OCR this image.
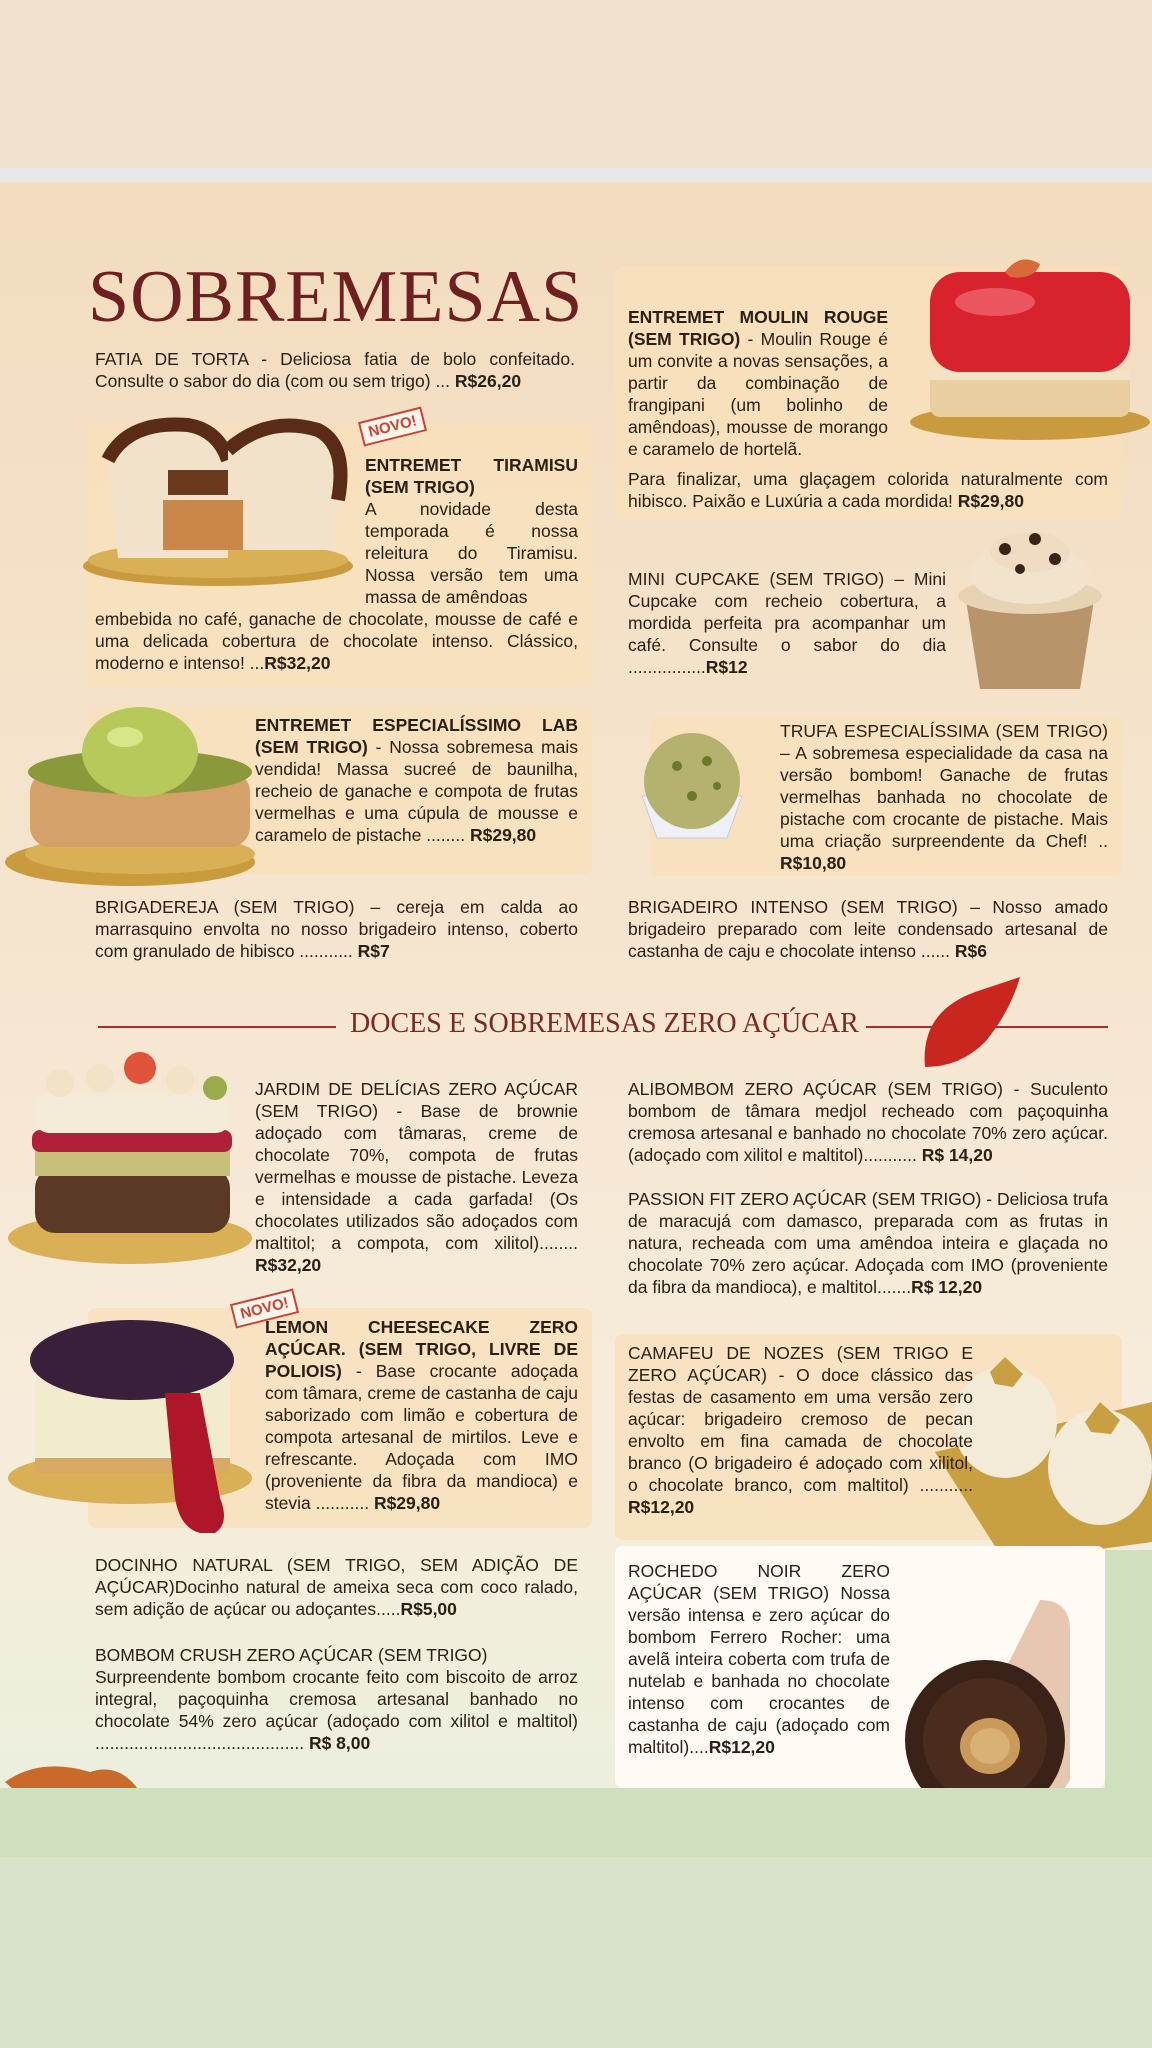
SOBREMESAS
FATIA DE TORTA - Deliciosa fatia de bolo confeitado. Consulte o sabor do dia (com ou sem trigo) ... R$26,20
NOVO!
ENTREMET TIRAMISU (SEM TRIGO)
A novidade desta temporada é nossa releitura do Tiramisu. Nossa versão tem uma massa de amêndoas
embebida no café, ganache de chocolate, mousse de café e uma delicada cobertura de chocolate intenso. Clássico, moderno e intenso! ...R$32,20
ENTREMET ESPECIALÍSSIMO LAB (SEM TRIGO) - Nossa sobremesa mais vendida! Massa sucreé de baunilha, recheio de ganache e compota de frutas vermelhas e uma cúpula de mousse e caramelo de pistache ........ R$29,80
BRIGADEREJA (SEM TRIGO) – cereja em calda ao marrasquino envolta no nosso brigadeiro intenso, coberto com granulado de hibisco ........... R$7
ENTREMET MOULIN ROUGE (SEM TRIGO) - Moulin Rouge é um convite a novas sensações, a partir da combinação de frangipani (um bolinho de amêndoas), mousse de morango e caramelo de hortelã.
Para finalizar, uma glaçagem colorida naturalmente com hibisco. Paixão e Luxúria a cada mordida! R$29,80
MINI CUPCAKE (SEM TRIGO) – Mini Cupcake com recheio cobertura, a mordida perfeita pra acompanhar um café. Consulte o sabor do dia ................R$12
TRUFA ESPECIALÍSSIMA (SEM TRIGO) – A sobremesa especialidade da casa na versão bombom! Ganache de frutas vermelhas banhada no chocolate de pistache com crocante de pistache. Mais uma criação surpreendente da Chef! .. R$10,80
BRIGADEIRO INTENSO (SEM TRIGO) – Nosso amado brigadeiro preparado com leite condensado artesanal de castanha de caju e chocolate intenso ...... R$6
DOCES E SOBREMESAS ZERO AÇÚCAR
JARDIM DE DELÍCIAS ZERO AÇÚCAR (SEM TRIGO) - Base de brownie adoçado com tâmaras, creme de chocolate 70%, compota de frutas vermelhas e mousse de pistache. Leveza e intensidade a cada garfada! (Os chocolates utilizados são adoçados com maltitol; a compota, com xilitol)........ R$32,20
NOVO!
LEMON CHEESECAKE ZERO AÇÚCAR. (SEM TRIGO, LIVRE DE POLIOIS) - Base crocante adoçada com tâmara, creme de castanha de caju saborizado com limão e cobertura de compota artesanal de mirtilos. Leve e refrescante. Adoçada com IMO (proveniente da fibra da mandioca) e stevia ........... R$29,80
DOCINHO NATURAL (SEM TRIGO, SEM ADIÇÃO DE AÇÚCAR)Docinho natural de ameixa seca com coco ralado, sem adição de açúcar ou adoçantes.....R$5,00
BOMBOM CRUSH ZERO AÇÚCAR (SEM TRIGO)
Surpreendente bombom crocante feito com biscoito de arroz integral, paçoquinha cremosa artesanal banhado no chocolate 54% zero açúcar (adoçado com xilitol e maltitol) ........................................... R$ 8,00
ALIBOMBOM ZERO AÇÚCAR (SEM TRIGO) - Suculento bombom de tâmara medjol recheado com paçoquinha cremosa artesanal e banhado no chocolate 70% zero açúcar. (adoçado com xilitol e maltitol)........... R$ 14,20
PASSION FIT ZERO AÇÚCAR (SEM TRIGO) - Deliciosa trufa de maracujá com damasco, preparada com as frutas in natura, recheada com uma amêndoa inteira e glaçada no chocolate 70% zero açúcar. Adoçada com IMO (proveniente da fibra da mandioca), e maltitol.......R$ 12,20
CAMAFEU DE NOZES (SEM TRIGO E ZERO AÇÚCAR) - O doce clássico das festas de casamento em uma versão zero açúcar: brigadeiro cremoso de pecan envolto em fina camada de chocolate branco (O brigadeiro é adoçado com xilitol, o chocolate branco, com maltitol) ........... R$12,20
ROCHEDO NOIR ZERO AÇÚCAR (SEM TRIGO) Nossa versão intensa e zero açúcar do bombom Ferrero Rocher: uma avelã inteira coberta com trufa de nutelab e banhada no chocolate intenso com crocantes de castanha de caju (adoçado com maltitol)....R$12,20
